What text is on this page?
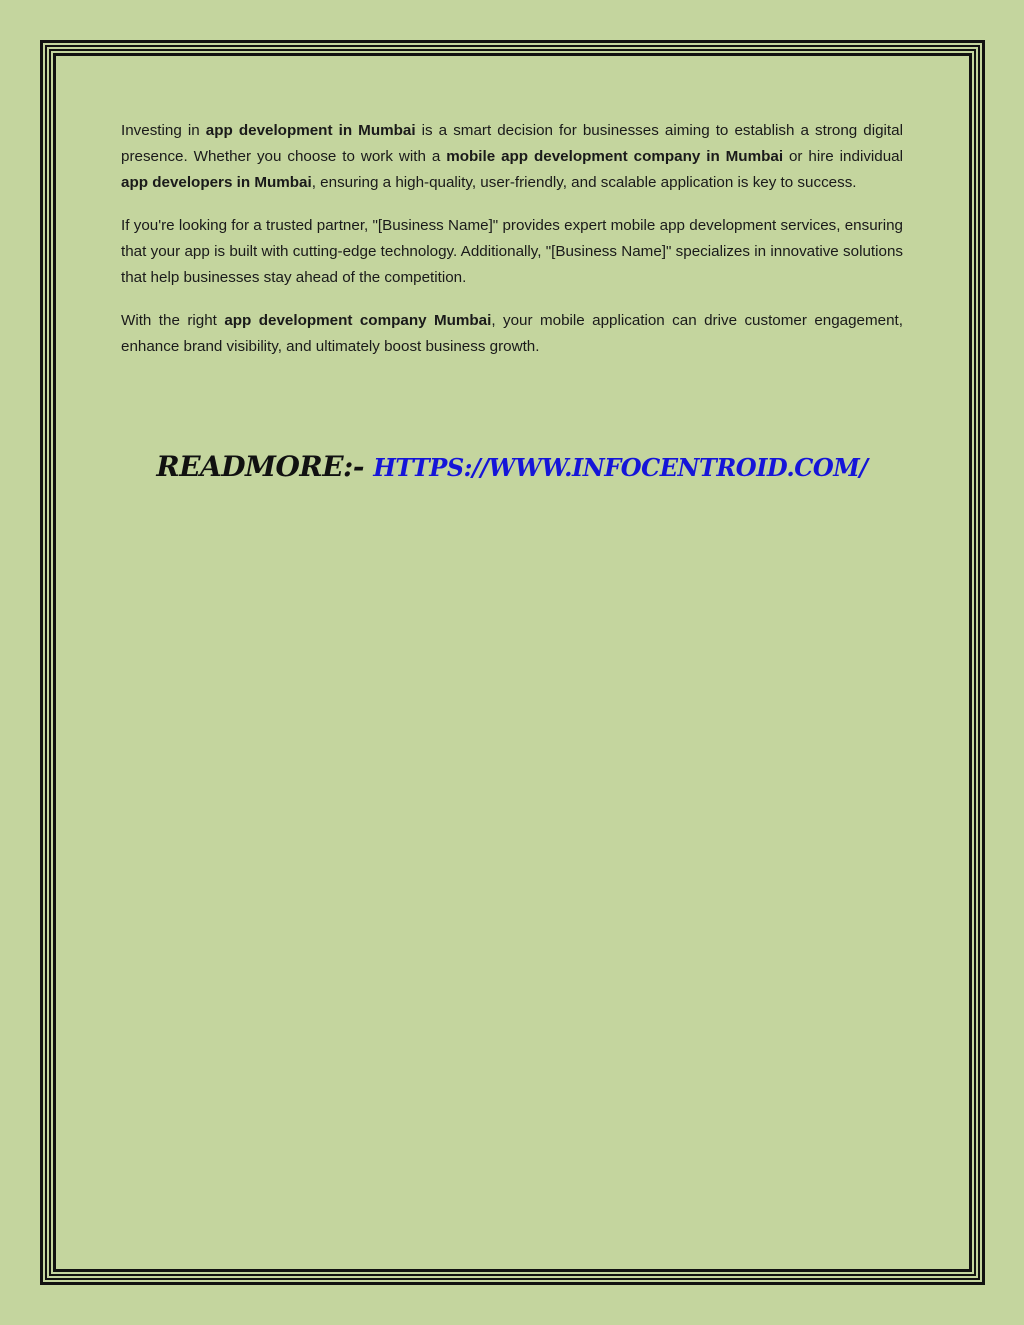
Investing in app development in Mumbai is a smart decision for businesses aiming to establish a strong digital presence. Whether you choose to work with a mobile app development company in Mumbai or hire individual app developers in Mumbai, ensuring a high-quality, user-friendly, and scalable application is key to success.

If you're looking for a trusted partner, "[Business Name]" provides expert mobile app development services, ensuring that your app is built with cutting-edge technology. Additionally, "[Business Name]" specializes in innovative solutions that help businesses stay ahead of the competition.

With the right app development company Mumbai, your mobile application can drive customer engagement, enhance brand visibility, and ultimately boost business growth.

READMORE:- HTTPS://WWW.INFOCENTROID.COM/
